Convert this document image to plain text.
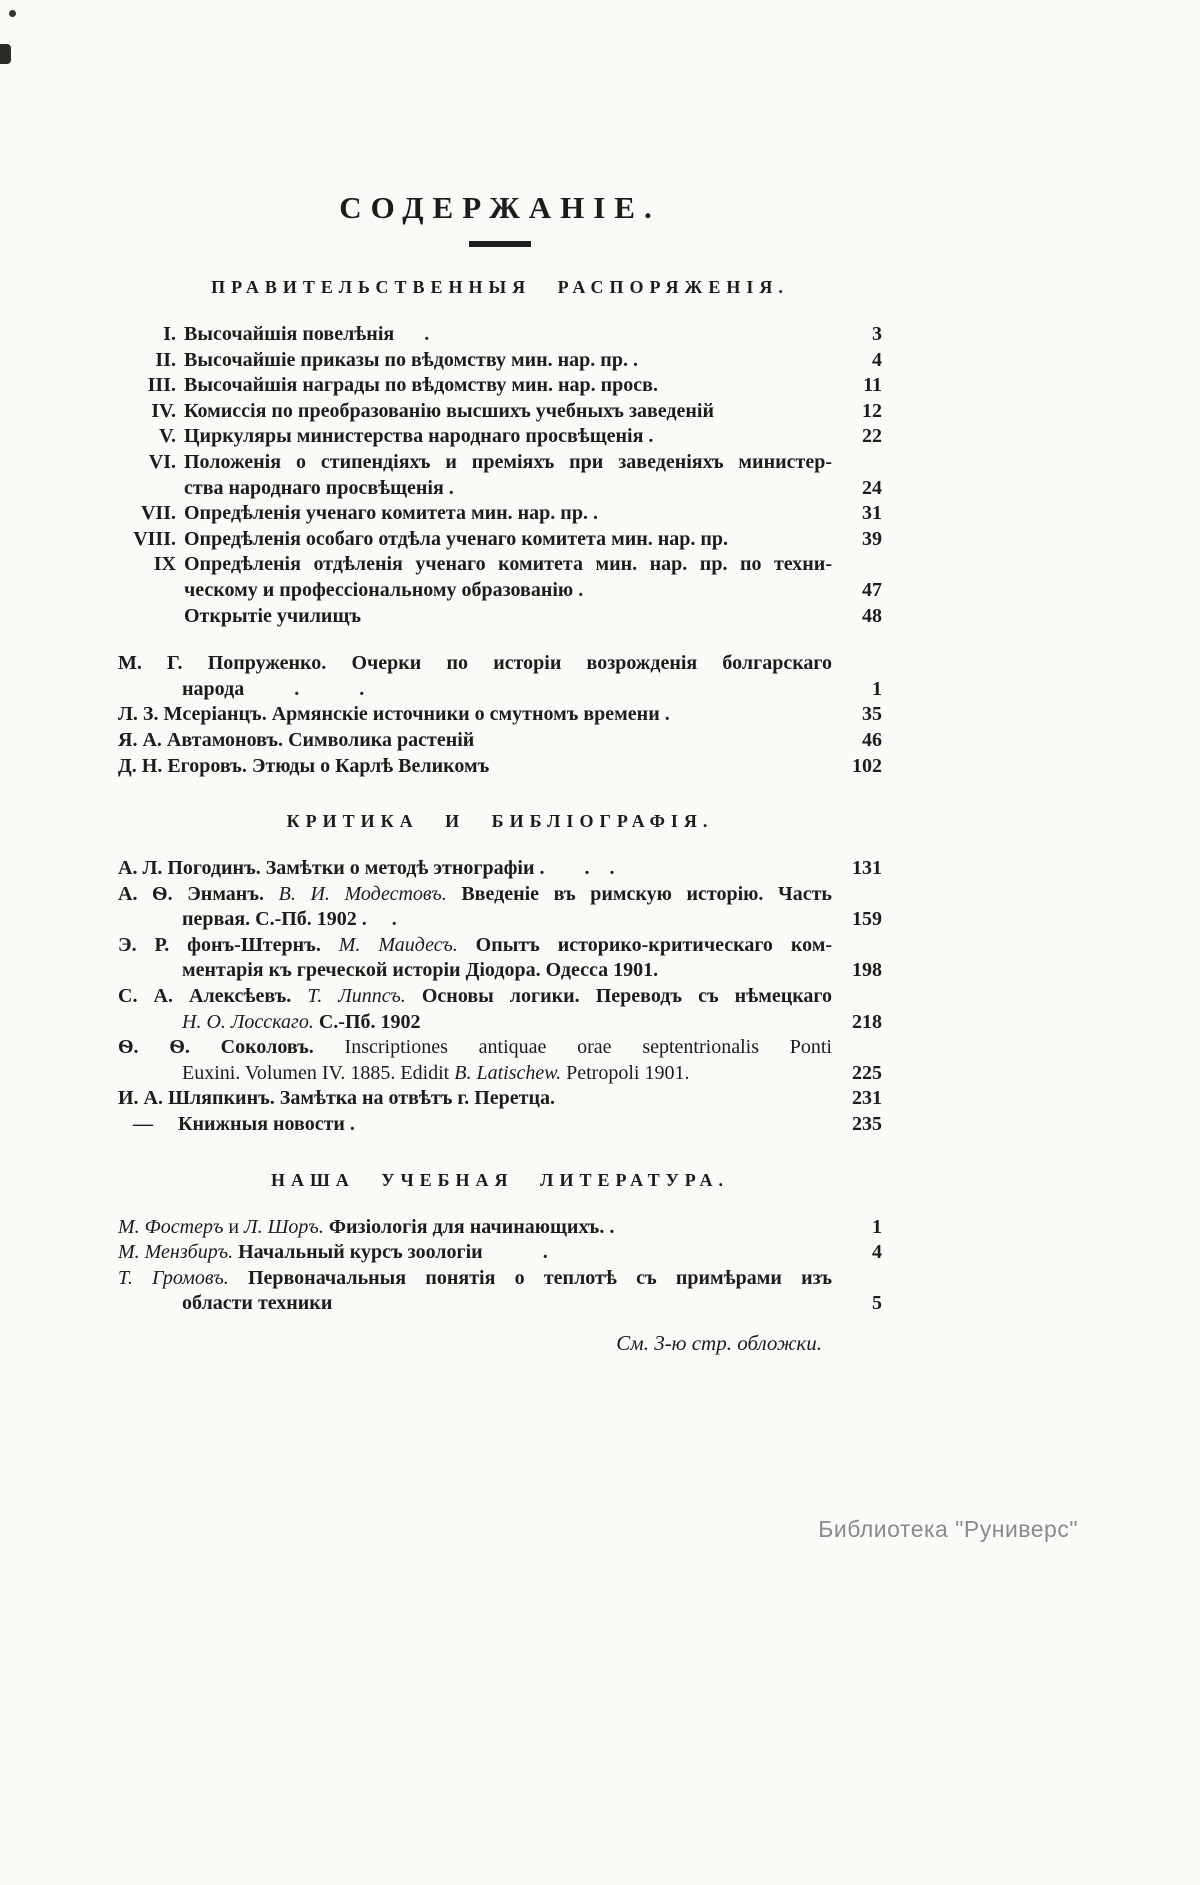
СОДЕРЖАНІЕ.
ПРАВИТЕЛЬСТВЕННЫЯ РАСПОРЯЖЕНІЯ.
I. Высочайшія повелѣнія      .	3
II. Высочайшіе приказы по вѣдомству мин. нар. пр. .	4
III. Высочайшія награды по вѣдомству мин. нар. просв.	11
IV. Комиссія по преобразованію высшихъ учебныхъ заведеній	12
V. Циркуляры министерства народнаго просвѣщенія .	22
VI. Положенія о стипендіяхъ и преміяхъ при заведеніяхъ министер-
ства народнаго просвѣщенія .	24
VII. Опредѣленія ученаго комитета мин. нар. пр. .	31
VIII. Опредѣленія особаго отдѣла ученаго комитета мин. нар. пр.	39
IX Опредѣленія отдѣленія ученаго комитета мин. нар. пр. по техни-
ческому и профессіональному образованію .	47
Открытіе училищъ	48
М. Г. Попруженко. Очерки по исторіи возрожденія болгарскаго
народа          .            .	1
Л. З. Мсеріанцъ. Армянскіе источники о смутномъ времени .	35
Я. А. Автамоновъ. Символика растеній	46
Д. Н. Егоровъ. Этюды о Карлѣ Великомъ	102
КРИТИКА И БИБЛІОГРАФІЯ.
А. Л. Погодинъ. Замѣтки о методѣ этнографіи .        .    .	131
А. Ѳ. Энманъ. В. И. Модестовъ. Введеніе въ римскую исторію. Часть
первая. С.-Пб. 1902 .     .	159
Э. Р. фонъ-Штернъ. М. Маидесъ. Опытъ историко-критическаго ком-
ментарія къ греческой исторіи Діодора. Одесса 1901.	198
С. А. Алексѣевъ. Т. Липпсъ. Основы логики. Переводъ съ нѣмецкаго
Н. О. Лосскаго. С.-Пб. 1902	218
Ѳ. Ѳ. Соколовъ. Inscriptiones antiquae orae septentrionalis Ponti
Euxini. Volumen IV. 1885. Edidit B. Latischew. Petropoli 1901.	225
И. А. Шляпкинъ. Замѣтка на отвѣтъ г. Перетца.	231
—     Книжныя новости .	235
НАША УЧЕБНАЯ ЛИТЕРАТУРА.
М. Фостеръ и Л. Шоръ. Физіологія для начинающихъ. .	1
М. Мензбиръ. Начальный курсъ зоологіи            .	4
Т. Громовъ. Первоначальныя понятія о теплотѣ съ примѣрами изъ
области техники	5
См. 3-ю стр. обложки.
Библиотека "Руниверс"
